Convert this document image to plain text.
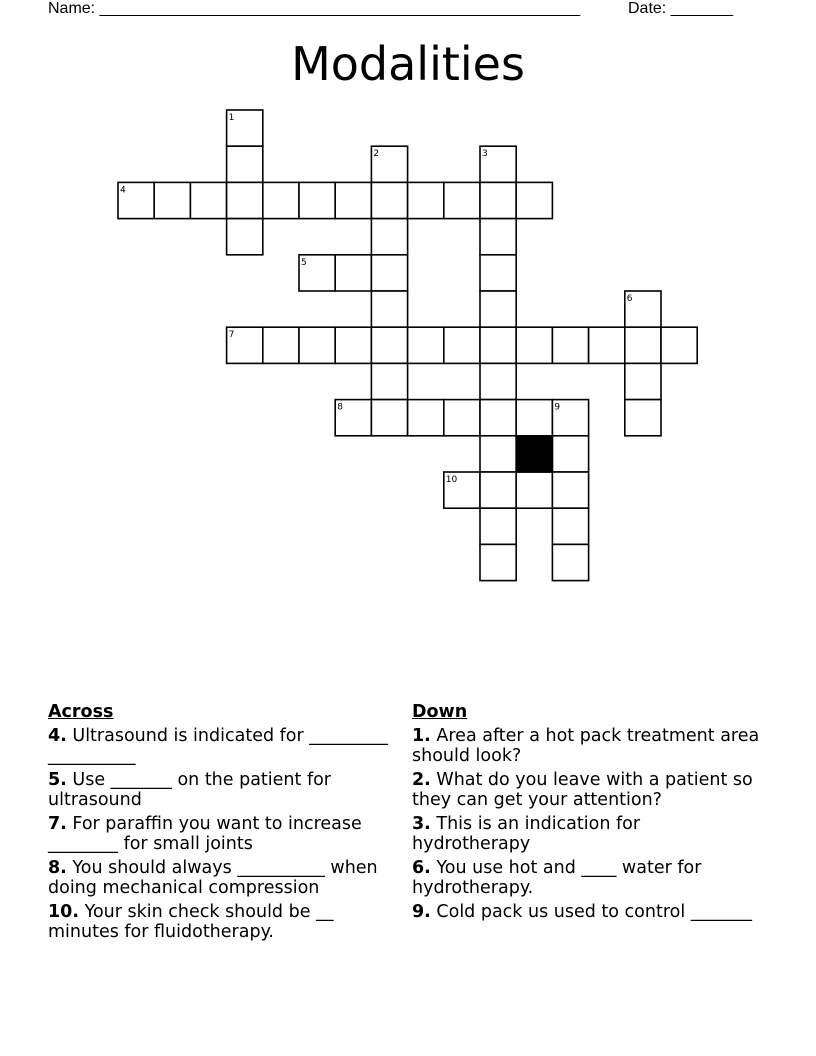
Name: ______________________________________________________	Date: _______
Modalities
1
2	3
4
5
6
7
8	9
10
Across
4. Ultrasound is indicated for _________ __________
5. Use _______ on the patient for ultrasound
7. For paraffin you want to increase ________ for small joints
8. You should always __________ when doing mechanical compression
10. Your skin check should be __ minutes for fluidotherapy.
Down
1. Area after a hot pack treatment area should look?
2. What do you leave with a patient so they can get your attention?
3. This is an indication for hydrotherapy
6. You use hot and ____ water for hydrotherapy.
9. Cold pack us used to control _______
